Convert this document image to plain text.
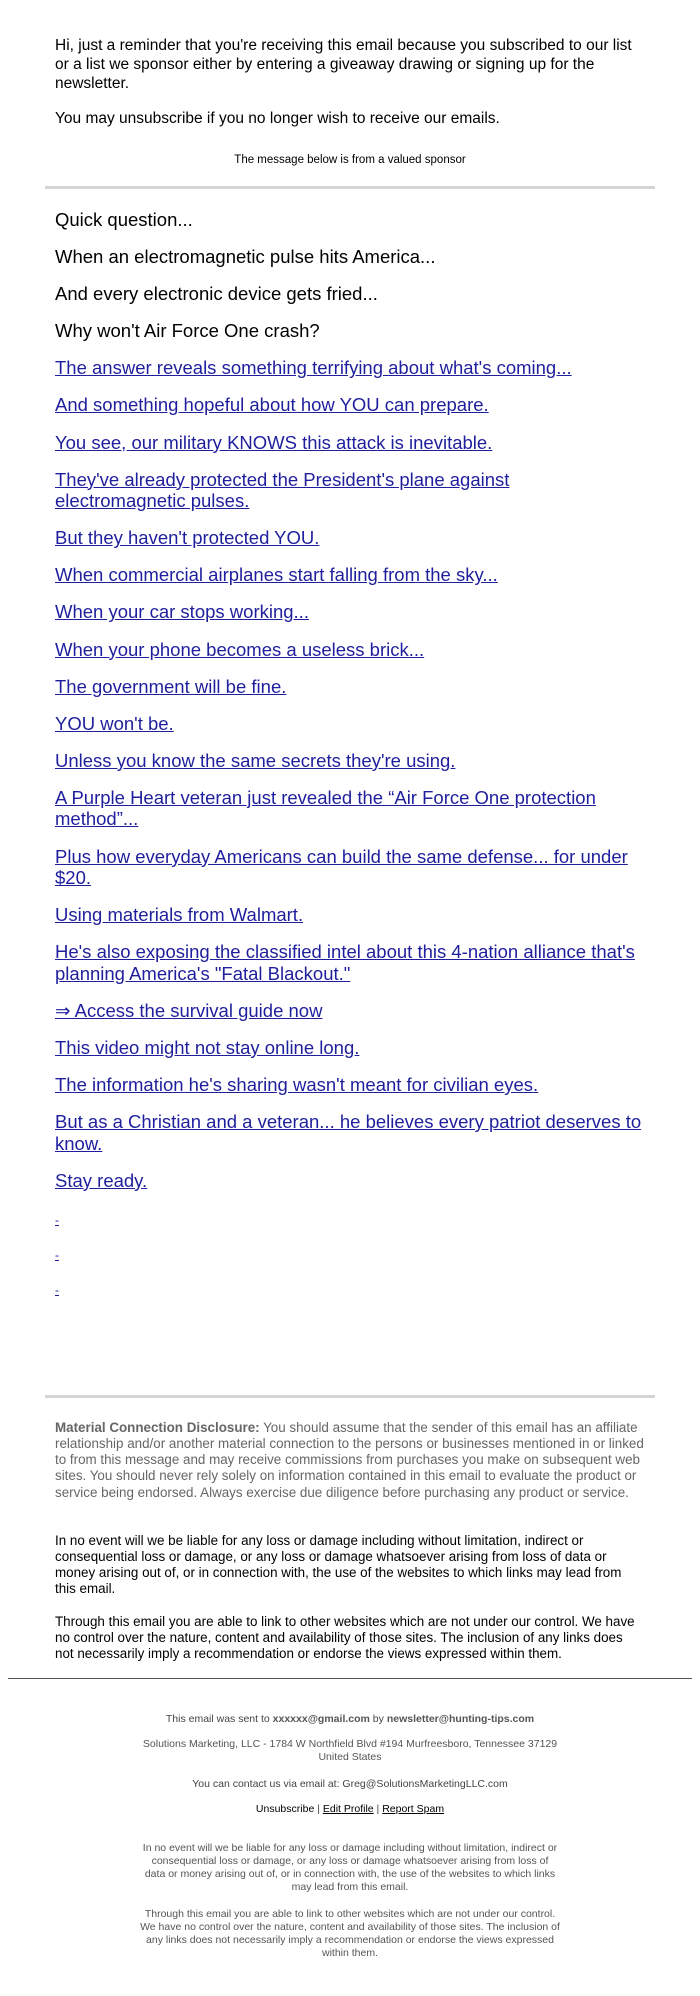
Hi, just a reminder that you're receiving this email because you subscribed to our list or a list we sponsor either by entering a giveaway drawing or signing up for the newsletter.

You may unsubscribe if you no longer wish to receive our emails.

The message below is from a valued sponsor
Quick question...
When an electromagnetic pulse hits America...
And every electronic device gets fried...
Why won't Air Force One crash?
The answer reveals something terrifying about what's coming...
And something hopeful about how YOU can prepare.
You see, our military KNOWS this attack is inevitable.
They've already protected the President's plane against electromagnetic pulses.
But they haven't protected YOU.
When commercial airplanes start falling from the sky...
When your car stops working...
When your phone becomes a useless brick...
The government will be fine.
YOU won't be.
Unless you know the same secrets they're using.
A Purple Heart veteran just revealed the “Air Force One protection method”...
Plus how everyday Americans can build the same defense... for under $20.
Using materials from Walmart.
He's also exposing the classified intel about this 4-nation alliance that's planning America's "Fatal Blackout."
⇒ Access the survival guide now
This video might not stay online long.
The information he's sharing wasn't meant for civilian eyes.
But as a Christian and a veteran... he believes every patriot deserves to know.
Stay ready.
-
-
-
Material Connection Disclosure: You should assume that the sender of this email has an affiliate relationship and/or another material connection to the persons or businesses mentioned in or linked to from this message and may receive commissions from purchases you make on subsequent web sites. You should never rely solely on information contained in this email to evaluate the product or service being endorsed. Always exercise due diligence before purchasing any product or service.

In no event will we be liable for any loss or damage including without limitation, indirect or consequential loss or damage, or any loss or damage whatsoever arising from loss of data or money arising out of, or in connection with, the use of the websites to which links may lead from this email.

Through this email you are able to link to other websites which are not under our control. We have no control over the nature, content and availability of those sites. The inclusion of any links does not necessarily imply a recommendation or endorse the views expressed within them.

This email was sent to xxxxxx@gmail.com by newsletter@hunting-tips.com

Solutions Marketing, LLC - 1784 W Northfield Blvd #194 Murfreesboro, Tennessee 37129 United States

You can contact us via email at: Greg@SolutionsMarketingLLC.com

Unsubscribe | Edit Profile | Report Spam

In no event will we be liable for any loss or damage including without limitation, indirect or consequential loss or damage, or any loss or damage whatsoever arising from loss of data or money arising out of, or in connection with, the use of the websites to which links may lead from this email.

Through this email you are able to link to other websites which are not under our control. We have no control over the nature, content and availability of those sites. The inclusion of any links does not necessarily imply a recommendation or endorse the views expressed within them.
